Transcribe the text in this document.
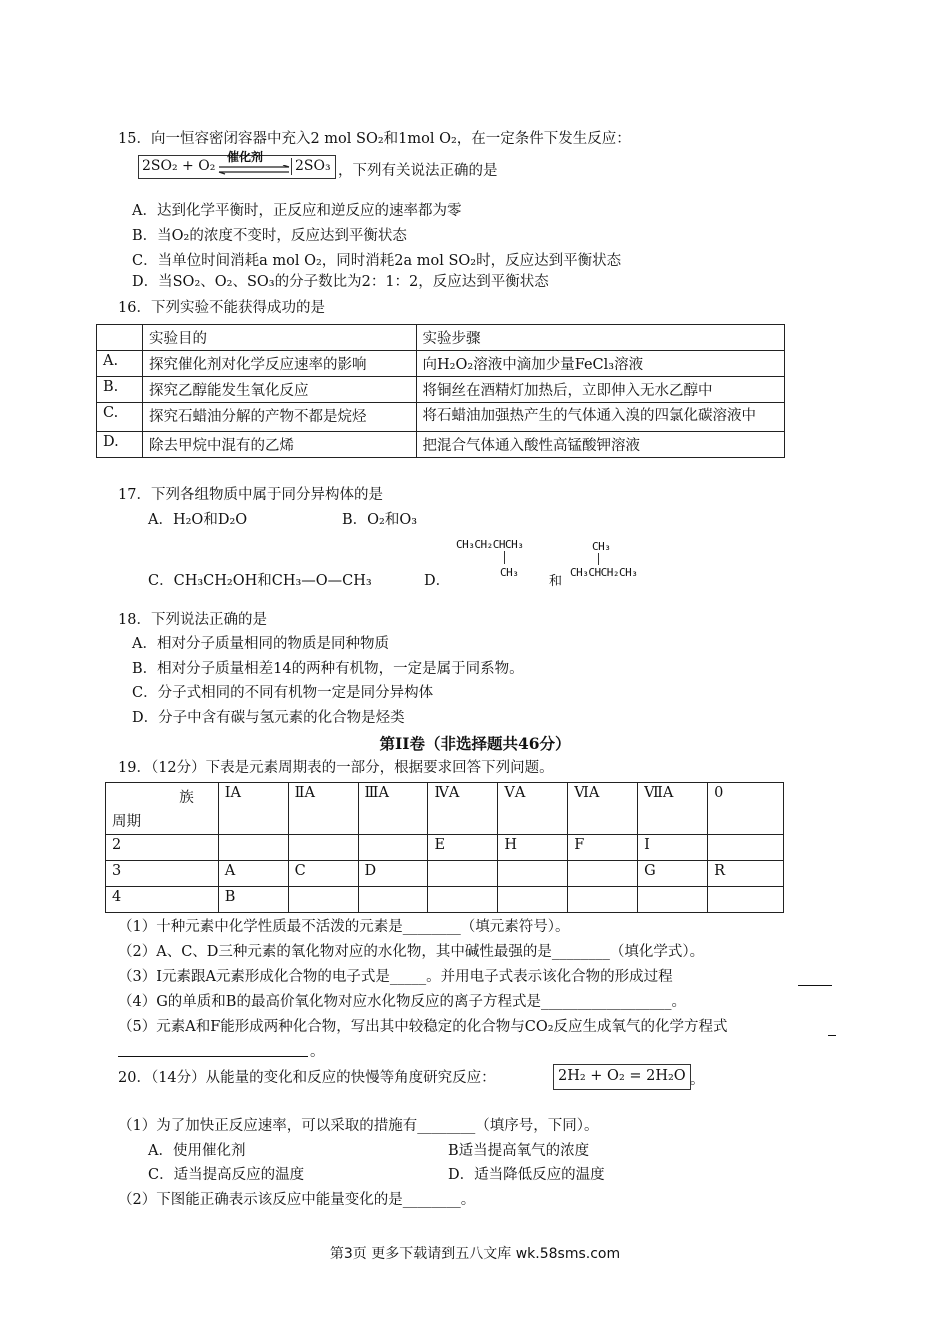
15．向一恒容密闭容器中充入2 mol SO₂和1mol O₂，在一定条件下发生反应：
2SO₂ + O₂
催化剂
2SO₃ ，下列有关说法正确的是
A．达到化学平衡时，正反应和逆反应的速率都为零
B．当O₂的浓度不变时，反应达到平衡状态
C．当单位时间消耗a mol O₂，同时消耗2a mol SO₂时，反应达到平衡状态
D．当SO₂、O₂、SO₃的分子数比为2：1：2，反应达到平衡状态
16．下列实验不能获得成功的是
	实验目的	实验步骤
A.	探究催化剂对化学反应速率的影响	向H₂O₂溶液中滴加少量FeCl₃溶液
B.	探究乙醇能发生氧化反应	将铜丝在酒精灯加热后，立即伸入无水乙醇中
C.	探究石蜡油分解的产物不都是烷烃	将石蜡油加强热产生的气体通入溴的四氯化碳溶液中
D.	除去甲烷中混有的乙烯	把混合气体通入酸性高锰酸钾溶液
17．下列各组物质中属于同分异构体的是
A．H₂O和D₂O	B．O₂和O₃
C．CH₃CH₂OH和CH₃—O—CH₃	D．
CH₃CH₂CHCH₃
CH₃
和
CH₃
CH₃CHCH₂CH₃
18．下列说法正确的是
A．相对分子质量相同的物质是同种物质
B．相对分子质量相差14的两种有机物，一定是属于同系物。
C．分子式相同的不同有机物一定是同分异构体
D．分子中含有碳与氢元素的化合物是烃类
第II卷（非选择题共46分）
19．（12分）下表是元素周期表的一部分，根据要求回答下列问题。
族
周期	ⅠA	ⅡA	ⅢA	ⅣA	ⅤA	ⅥA	ⅦA	0
2				E	H	F	I	
3	A	C	D				G	R
4	B							
（1）十种元素中化学性质最不活泼的元素是________（填元素符号）。
（2）A、C、D三种元素的氧化物对应的水化物，其中碱性最强的是________（填化学式）。
（3）I元素跟A元素形成化合物的电子式是_____。并用电子式表示该化合物的形成过程
（4）G的单质和B的最高价氧化物对应水化物反应的离子方程式是__________________。
（5）元素A和F能形成两种化合物，写出其中较稳定的化合物与CO₂反应生成氧气的化学方程式
。
20．（14分）从能量的变化和反应的快慢等角度研究反应：	2H₂ + O₂ = 2H₂O 。
（1）为了加快正反应速率，可以采取的措施有________（填序号，下同）。
A．使用催化剂	B适当提高氧气的浓度
C．适当提高反应的温度	D．适当降低反应的温度
（2）下图能正确表示该反应中能量变化的是________。
第3页 更多下载请到五八文库 wk.58sms.com
